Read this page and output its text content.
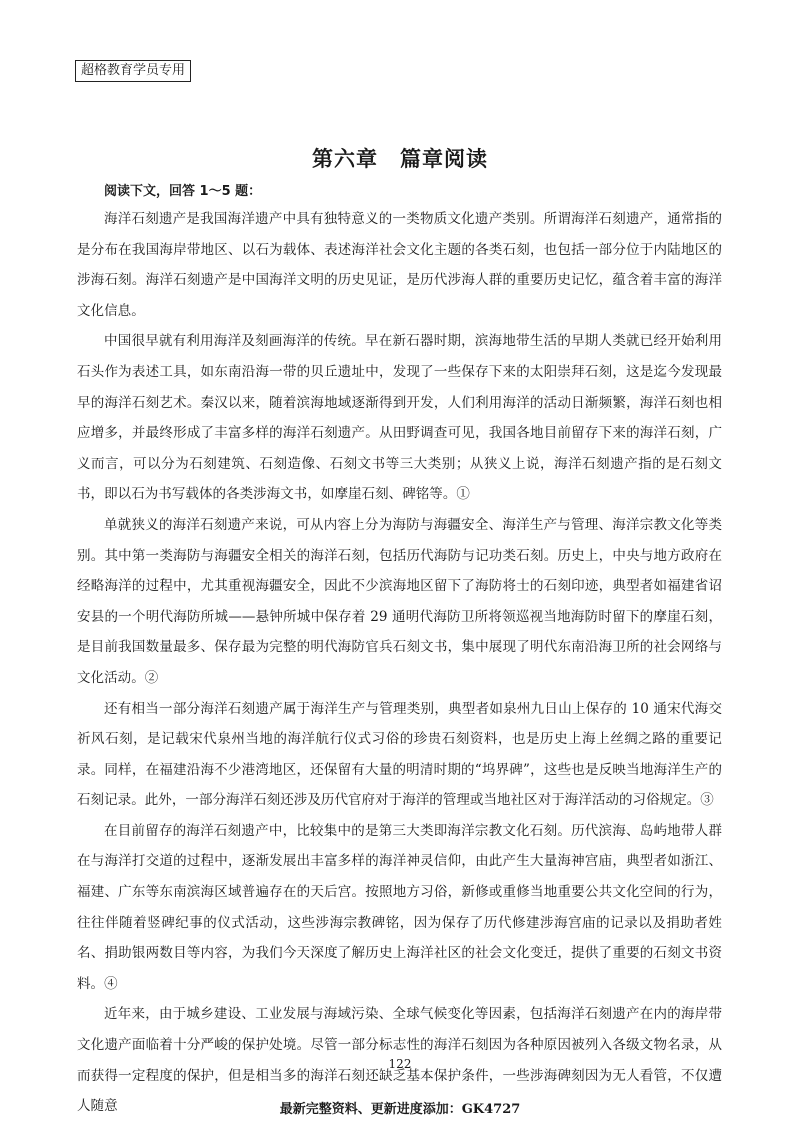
超格教育学员专用
第六章　篇章阅读
阅读下文，回答 1～5 题：

海洋石刻遗产是我国海洋遗产中具有独特意义的一类物质文化遗产类别。所谓海洋石刻遗产，通常指的是分布在我国海岸带地区、以石为载体、表述海洋社会文化主题的各类石刻，也包括一部分位于内陆地区的涉海石刻。海洋石刻遗产是中国海洋文明的历史见证，是历代涉海人群的重要历史记忆，蕴含着丰富的海洋文化信息。

中国很早就有利用海洋及刻画海洋的传统。早在新石器时期，滨海地带生活的早期人类就已经开始利用石头作为表述工具，如东南沿海一带的贝丘遗址中，发现了一些保存下来的太阳崇拜石刻，这是迄今发现最早的海洋石刻艺术。秦汉以来，随着滨海地域逐渐得到开发，人们利用海洋的活动日渐频繁，海洋石刻也相应增多，并最终形成了丰富多样的海洋石刻遗产。从田野调查可见，我国各地目前留存下来的海洋石刻，广义而言，可以分为石刻建筑、石刻造像、石刻文书等三大类别；从狭义上说，海洋石刻遗产指的是石刻文书，即以石为书写载体的各类涉海文书，如摩崖石刻、碑铭等。①

单就狭义的海洋石刻遗产来说，可从内容上分为海防与海疆安全、海洋生产与管理、海洋宗教文化等类别。其中第一类海防与海疆安全相关的海洋石刻，包括历代海防与记功类石刻。历史上，中央与地方政府在经略海洋的过程中，尤其重视海疆安全，因此不少滨海地区留下了海防将士的石刻印迹，典型者如福建省诏安县的一个明代海防所城——悬钟所城中保存着 29 通明代海防卫所将领巡视当地海防时留下的摩崖石刻，是目前我国数量最多、保存最为完整的明代海防官兵石刻文书，集中展现了明代东南沿海卫所的社会网络与文化活动。②

还有相当一部分海洋石刻遗产属于海洋生产与管理类别，典型者如泉州九日山上保存的 10 通宋代海交祈风石刻，是记载宋代泉州当地的海洋航行仪式习俗的珍贵石刻资料，也是历史上海上丝绸之路的重要记录。同样，在福建沿海不少港湾地区，还保留有大量的明清时期的“坞界碑”，这些也是反映当地海洋生产的石刻记录。此外，一部分海洋石刻还涉及历代官府对于海洋的管理或当地社区对于海洋活动的习俗规定。③

在目前留存的海洋石刻遗产中，比较集中的是第三大类即海洋宗教文化石刻。历代滨海、岛屿地带人群在与海洋打交道的过程中，逐渐发展出丰富多样的海洋神灵信仰，由此产生大量海神宫庙，典型者如浙江、福建、广东等东南滨海区域普遍存在的天后宫。按照地方习俗，新修或重修当地重要公共文化空间的行为，往往伴随着竖碑纪事的仪式活动，这些涉海宗教碑铭，因为保存了历代修建涉海宫庙的记录以及捐助者姓名、捐助银两数目等内容，为我们今天深度了解历史上海洋社区的社会文化变迁，提供了重要的石刻文书资料。④

近年来，由于城乡建设、工业发展与海域污染、全球气候变化等因素，包括海洋石刻遗产在内的海岸带文化遗产面临着十分严峻的保护处境。尽管一部分标志性的海洋石刻因为各种原因被列入各级文物名录，从而获得一定程度的保护，但是相当多的海洋石刻还缺乏基本保护条件，一些涉海碑刻因为无人看管，不仅遭人随意

122
最新完整资料、更新进度添加：GK4727
